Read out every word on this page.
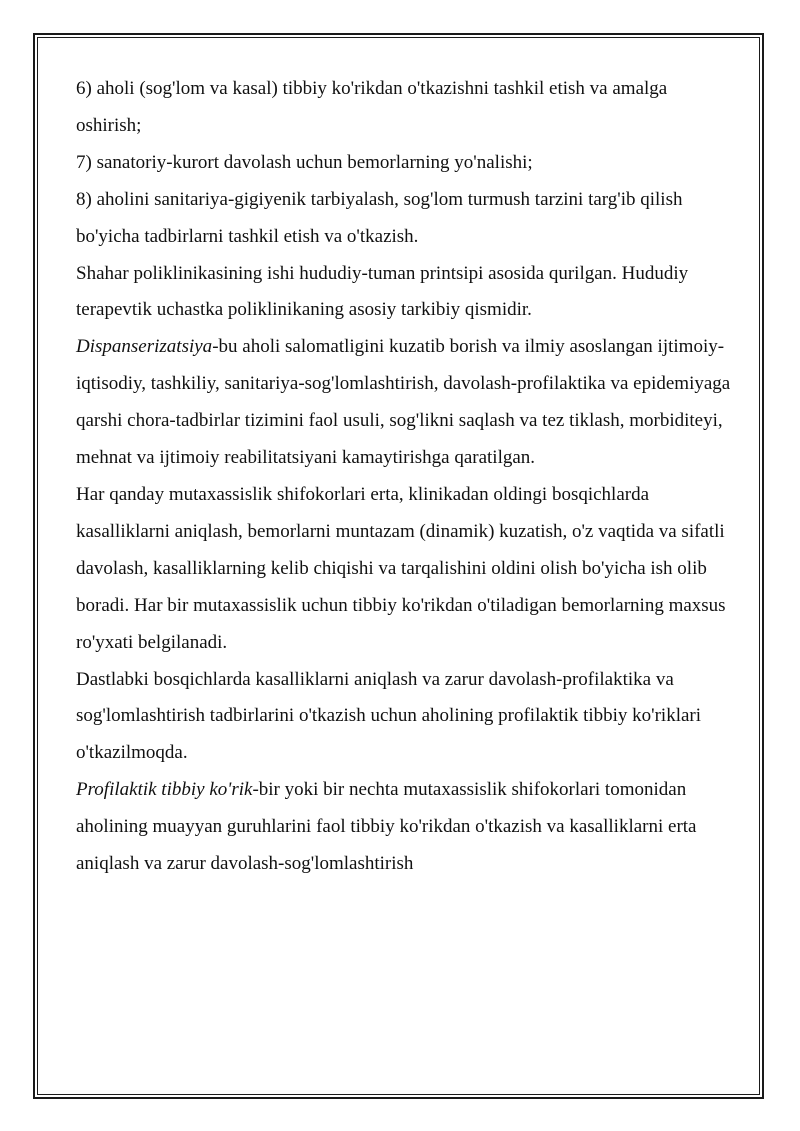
6) aholi (sog'lom va kasal) tibbiy ko'rikdan o'tkazishni tashkil etish va amalga oshirish;

7) sanatoriy-kurort davolash uchun bemorlarning yo'nalishi;

8) aholini sanitariya-gigiyenik tarbiyalash, sog'lom turmush tarzini targ'ib qilish bo'yicha tadbirlarni tashkil etish va o'tkazish.

Shahar poliklinikasining ishi hududiy-tuman printsipi asosida qurilgan. Hududiy terapevtik uchastka poliklinikaning asosiy tarkibiy qismidir.

Dispanserizatsiya-bu aholi salomatligini kuzatib borish va ilmiy asoslangan ijtimoiy-iqtisodiy, tashkiliy, sanitariya-sog'lomlashtirish, davolash-profilaktika va epidemiyaga qarshi chora-tadbirlar tizimini faol usuli, sog'likni saqlash va tez tiklash, morbiditeyi, mehnat va ijtimoiy reabilitatsiyani kamaytirishga qaratilgan.

Har qanday mutaxassislik shifokorlari erta, klinikadan oldingi bosqichlarda kasalliklarni aniqlash, bemorlarni muntazam (dinamik) kuzatish, o'z vaqtida va sifatli davolash, kasalliklarning kelib chiqishi va tarqalishini oldini olish bo'yicha ish olib boradi. Har bir mutaxassislik uchun tibbiy ko'rikdan o'tiladigan bemorlarning maxsus ro'yxati belgilanadi.

Dastlabki bosqichlarda kasalliklarni aniqlash va zarur davolash-profilaktika va sog'lomlashtirish tadbirlarini o'tkazish uchun aholining profilaktik tibbiy ko'riklari o'tkazilmoqda.

Profilaktik tibbiy ko'rik-bir yoki bir nechta mutaxassislik shifokorlari tomonidan aholining muayyan guruhlarini faol tibbiy ko'rikdan o'tkazish va kasalliklarni erta aniqlash va zarur davolash-sog'lomlashtirish
